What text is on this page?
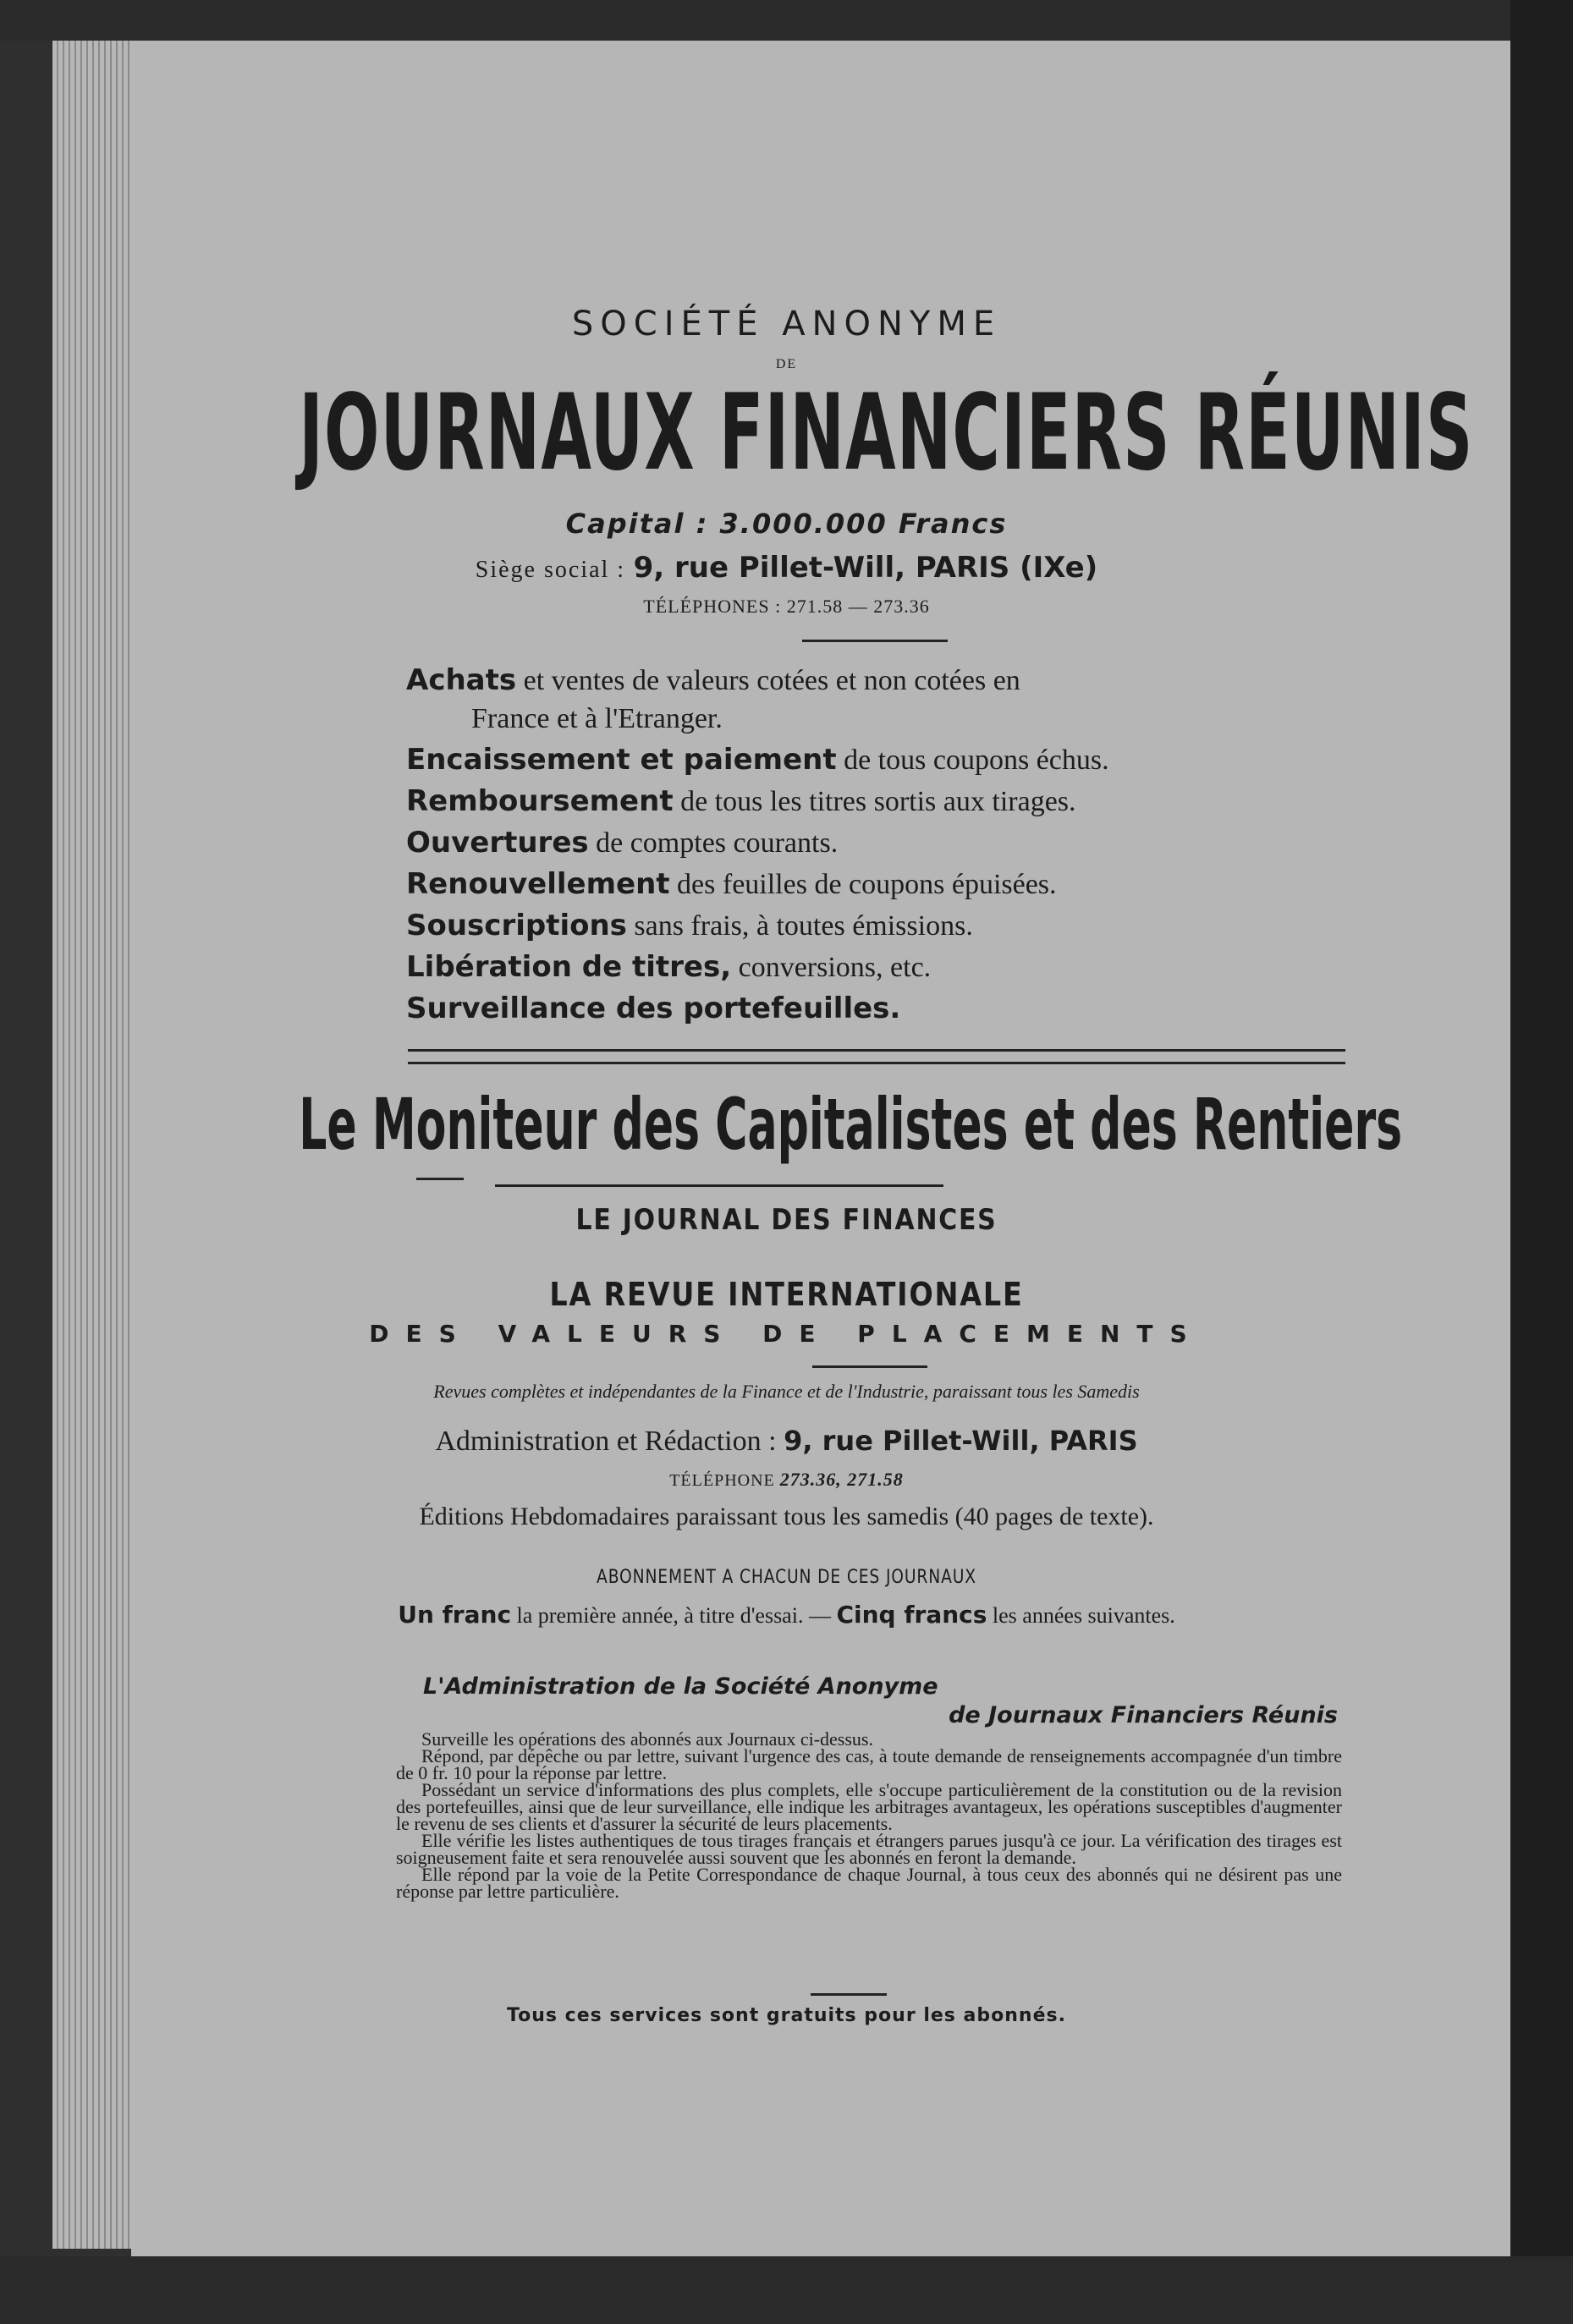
SOCIÉTÉ ANONYME
DE
JOURNAUX FINANCIERS RÉUNIS
Capital : 3.000.000 Francs
Siège social : 9, rue Pillet-Will, PARIS (IXe)
TÉLÉPHONES : 271.58 — 273.36
Achats et ventes de valeurs cotées et non cotées en
France et à l'Etranger.
Encaissement et paiement de tous coupons échus.
Remboursement de tous les titres sortis aux tirages.
Ouvertures de comptes courants.
Renouvellement des feuilles de coupons épuisées.
Souscriptions sans frais, à toutes émissions.
Libération de titres, conversions, etc.
Surveillance des portefeuilles.
Le Moniteur des Capitalistes et des Rentiers
LE JOURNAL DES FINANCES
LA REVUE INTERNATIONALE
DES VALEURS DE PLACEMENTS
Revues complètes et indépendantes de la Finance et de l'Industrie, paraissant tous les Samedis
Administration et Rédaction : 9, rue Pillet-Will, PARIS
TÉLÉPHONE 273.36, 271.58
Éditions Hebdomadaires paraissant tous les samedis (40 pages de texte).
ABONNEMENT A CHACUN DE CES JOURNAUX
Un franc la première année, à titre d'essai. — Cinq francs les années suivantes.
L'Administration de la Société Anonyme
de Journaux Financiers Réunis

Surveille les opérations des abonnés aux Journaux ci-dessus.

Répond, par dépêche ou par lettre, suivant l'urgence des cas, à toute demande de renseignements accompagnée d'un timbre de 0 fr. 10 pour la réponse par lettre.

Possédant un service d'informations des plus complets, elle s'occupe particulièrement de la constitution ou de la revision des portefeuilles, ainsi que de leur surveillance, elle indique les arbitrages avantageux, les opérations susceptibles d'augmenter le revenu de ses clients et d'assurer la sécurité de leurs placements.

Elle vérifie les listes authentiques de tous tirages français et étrangers parues jusqu'à ce jour. La vérification des tirages est soigneusement faite et sera renouvelée aussi souvent que les abonnés en feront la demande.

Elle répond par la voie de la Petite Correspondance de chaque Journal, à tous ceux des abonnés qui ne désirent pas une réponse par lettre particulière.

Tous ces services sont gratuits pour les abonnés.
